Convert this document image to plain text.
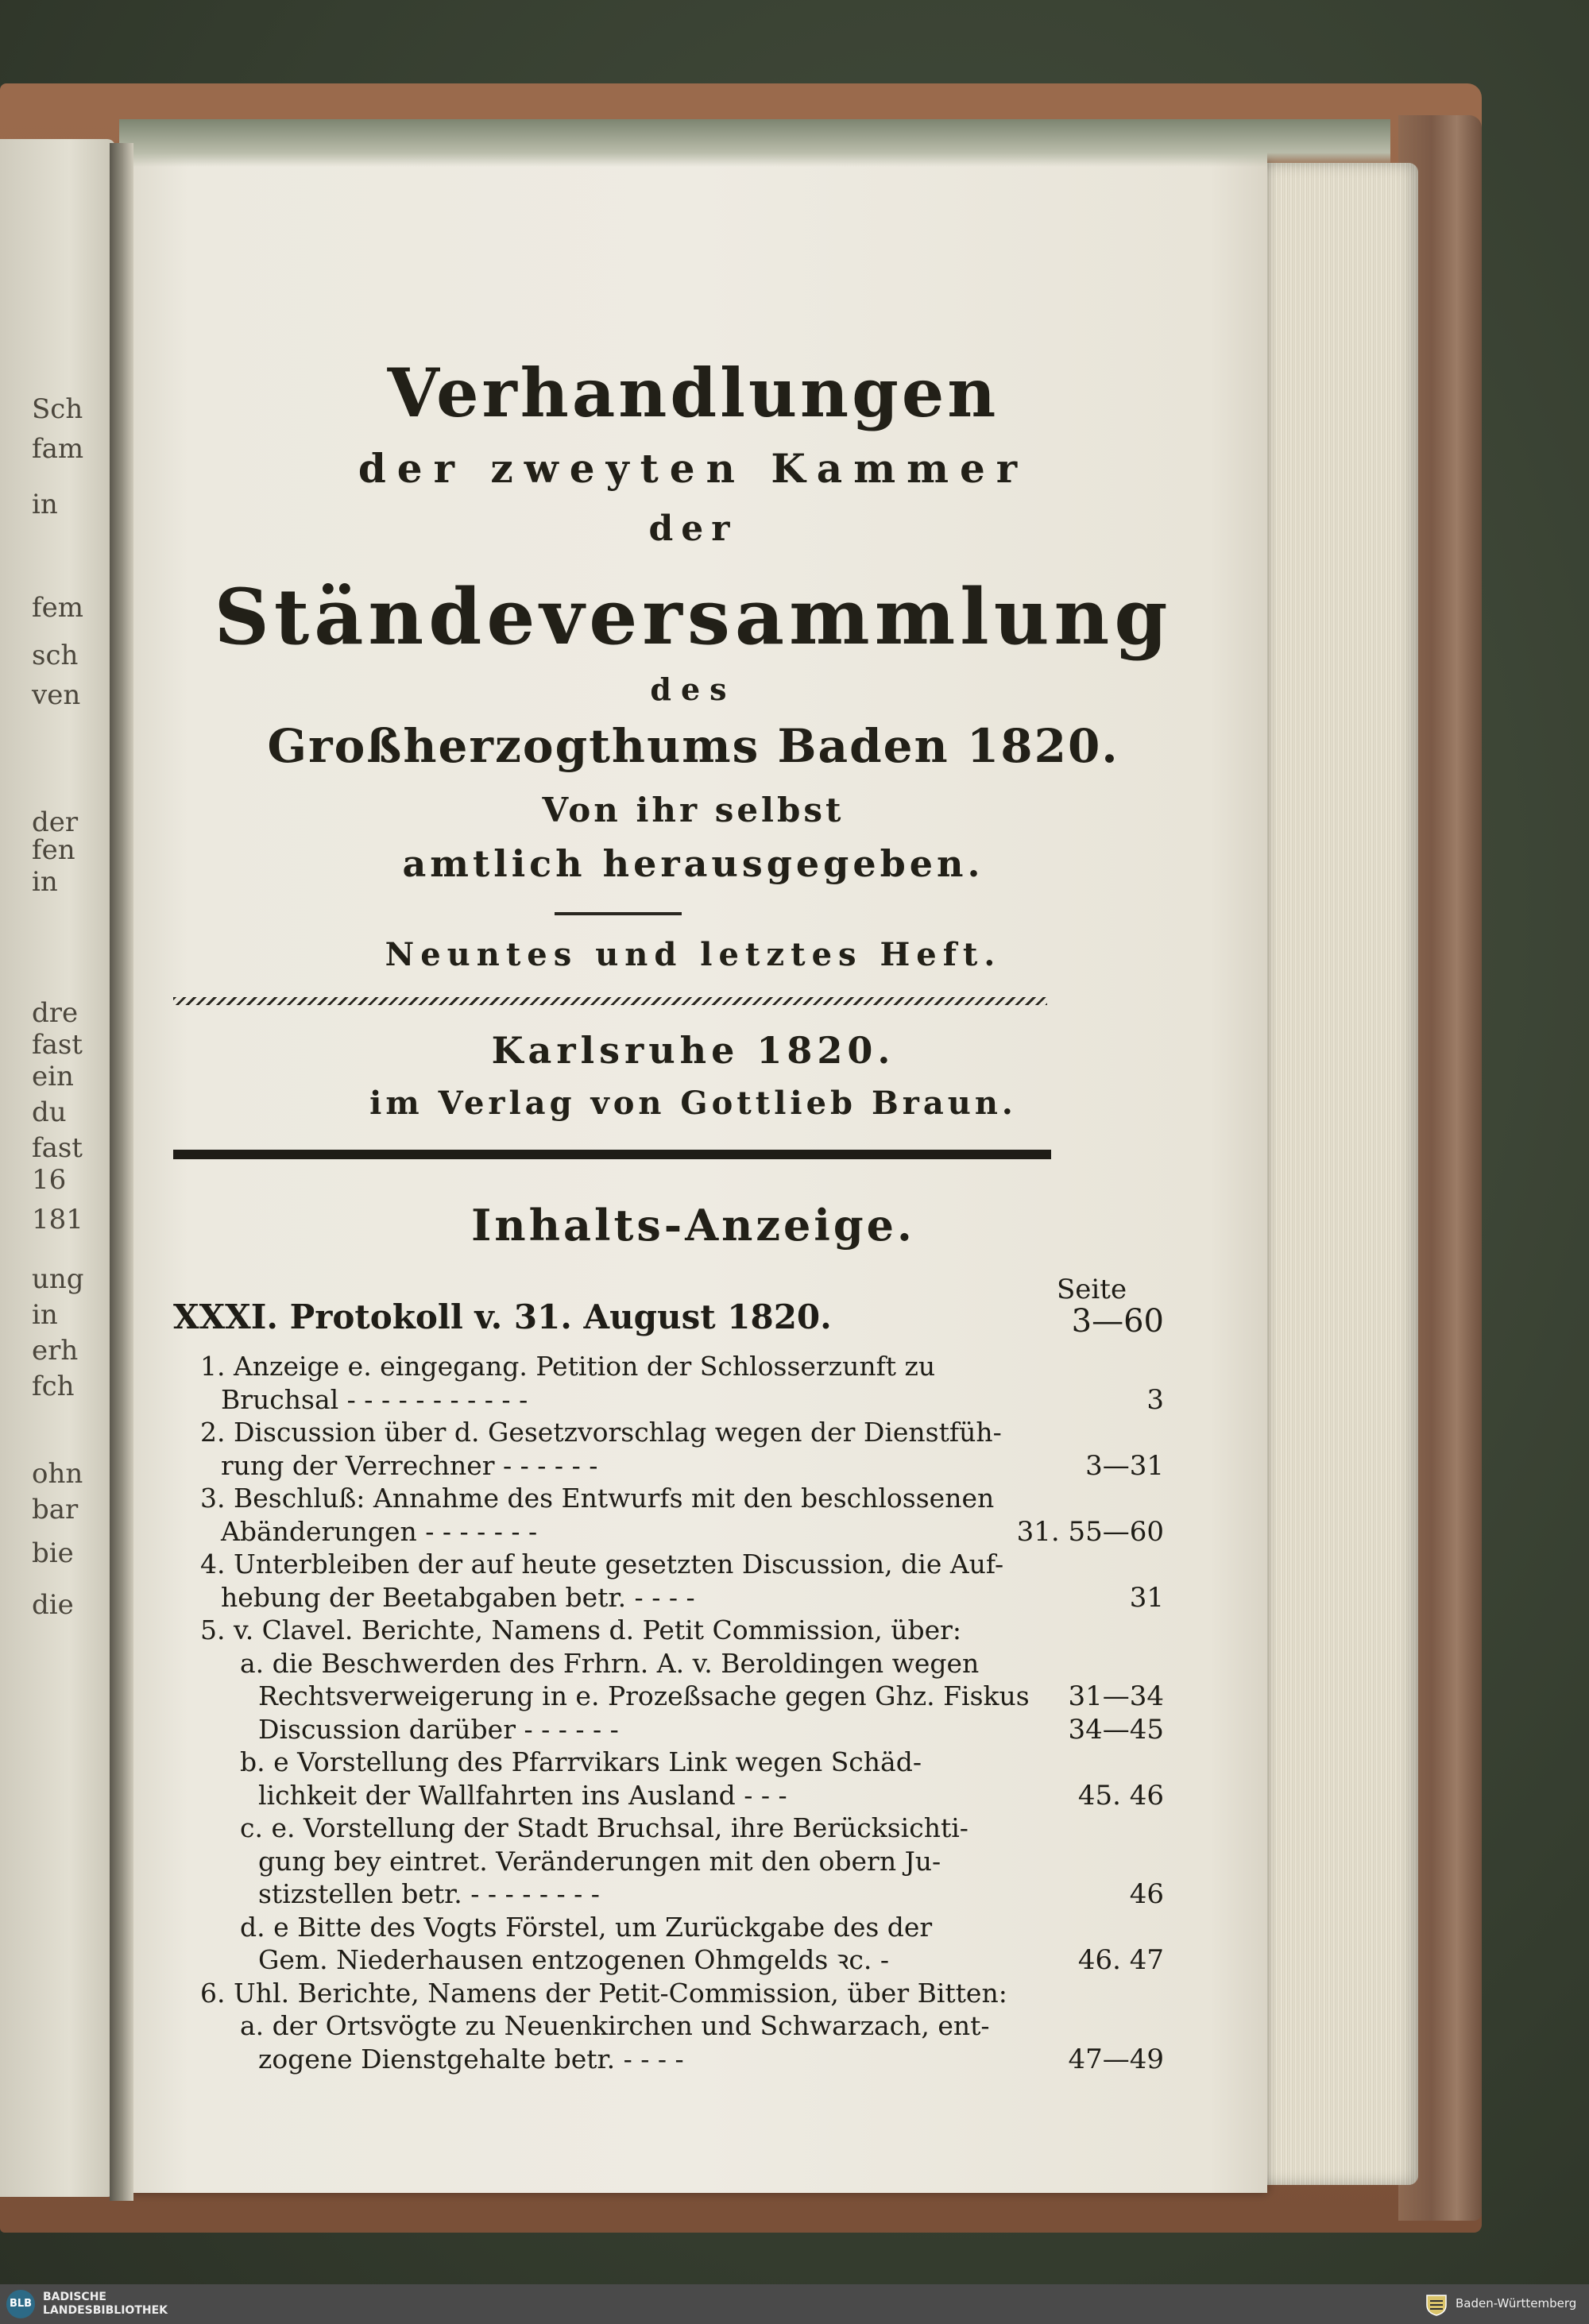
Sch
fam
in
fem
sch
ven
der
fen
in
dre
fast
ein
du
fast
16
181
ung
in
erh
fch
ohn
bar
bie
die
Verhandlungen
der zweyten Kammer
der
Ständeversammlung
des
Großherzogthums Baden 1820.
Von ihr selbst
amtlich herausgegeben.
Neuntes und letztes Heft.
Karlsruhe 1820.
im Verlag von Gottlieb Braun.
Inhalts-Anzeige.
Seite
XXXI. Protokoll v. 31. August 1820.	3—60
1. Anzeige e. eingegang. Petition der Schlosserzunft zu
Bruchsal - - - - - - - - - - -	3
2. Discussion über d. Gesetzvorschlag wegen der Dienstfüh-
rung der Verrechner - - - - - -	3—31
3. Beschluß: Annahme des Entwurfs mit den beschlossenen
Abänderungen - - - - - - -	31. 55—60
4. Unterbleiben der auf heute gesetzten Discussion, die Auf-
hebung der Beetabgaben betr. - - - -	31
5. v. Clavel. Berichte, Namens d. Petit Commission, über:
a. die Beschwerden des Frhrn. A. v. Beroldingen wegen
Rechtsverweigerung in e. Prozeßsache gegen Ghz. Fiskus	31—34
Discussion darüber - - - - - -	34—45
b. e Vorstellung des Pfarrvikars Link wegen Schäd-
lichkeit der Wallfahrten ins Ausland - - -	45. 46
c. e. Vorstellung der Stadt Bruchsal, ihre Berücksichti-
gung bey eintret. Veränderungen mit den obern Ju-
stizstellen betr. - - - - - - - -	46
d. e Bitte des Vogts Förstel, um Zurückgabe des der
Gem. Niederhausen entzogenen Ohmgelds ꝛc. -	46. 47
6. Uhl. Berichte, Namens der Petit-Commission, über Bitten:
a. der Ortsvögte zu Neuenkirchen und Schwarzach, ent-
zogene Dienstgehalte betr. - - - -	47—49
BLB
BADISCHE
LANDESBIBLIOTHEK	Baden-Württemberg
